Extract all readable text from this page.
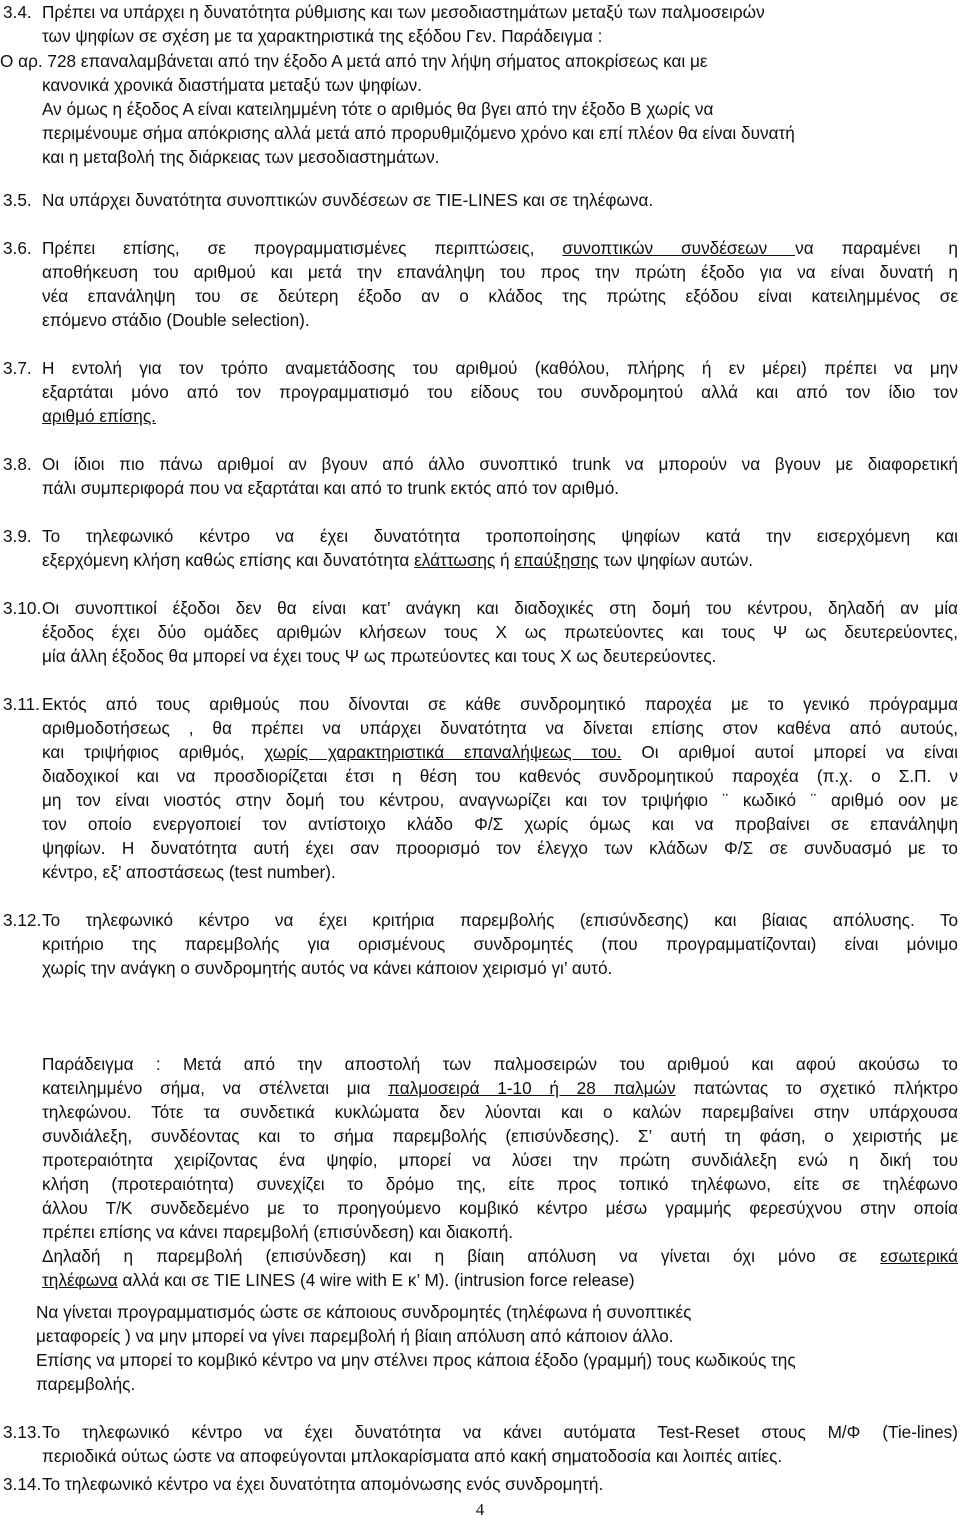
3.4. Πρέπει να υπάρχει η δυνατότητα ρύθμισης και των μεσοδιαστημάτων μεταξύ των παλμοσειρών
των ψηφίων σε σχέση με τα χαρακτηριστικά της εξόδου Γεν. Παράδειγμα :
Ο αρ. 728 επαναλαμβάνεται από την έξοδο Α μετά από την λήψη σήματος αποκρίσεως και με
κανονικά χρονικά διαστήματα μεταξύ των ψηφίων.
Αν όμως η έξοδος Α είναι κατειλημμένη τότε ο αριθμός θα βγει από την έξοδο Β χωρίς να
περιμένουμε σήμα απόκρισης αλλά μετά από προρυθμιζόμενο χρόνο και επί πλέον θα είναι δυνατή
και η μεταβολή της διάρκειας των μεσοδιαστημάτων.
3.5. Να υπάρχει δυνατότητα συνοπτικών συνδέσεων σε TIE-LINES και σε τηλέφωνα.
3.6. Πρέπει επίσης, σε προγραμματισμένες περιπτώσεις, συνοπτικών συνδέσεων να παραμένει η
αποθήκευση του αριθμού και μετά την επανάληψη του προς την πρώτη έξοδο για να είναι δυνατή η
νέα επανάληψη του σε δεύτερη έξοδο αν ο κλάδος της πρώτης εξόδου είναι κατειλημμένος σε
επόμενο στάδιο (Double selection).
3.7. Η εντολή για τον τρόπο αναμετάδοσης του αριθμού (καθόλου, πλήρης ή εν μέρει) πρέπει να μην
εξαρτάται μόνο από τον προγραμματισμό του είδους του συνδρομητού αλλά και από τον ίδιο τον
αριθμό επίσης.
3.8. Οι ίδιοι πιο πάνω αριθμοί αν βγουν από άλλο συνοπτικό trunk να μπορούν να βγουν με διαφορετική
πάλι συμπεριφορά που να εξαρτάται και από το trunk εκτός από τον αριθμό.
3.9. Το τηλεφωνικό κέντρο να έχει δυνατότητα τροποποίησης ψηφίων κατά την εισερχόμενη και
εξερχόμενη κλήση καθώς επίσης και δυνατότητα ελάττωσης ή επαύξησης των ψηφίων αυτών.
3.10. Οι συνοπτικοί έξοδοι δεν θα είναι κατ’ ανάγκη και διαδοχικές στη δομή του κέντρου, δηλαδή αν μία
έξοδος έχει δύο ομάδες αριθμών κλήσεων τους Χ ως πρωτεύοντες και τους Ψ ως δευτερεύοντες,
μία άλλη έξοδος θα μπορεί να έχει τους Ψ ως πρωτεύοντες και τους Χ ως δευτερεύοντες.
3.11. Εκτός από τους αριθμούς που δίνονται σε κάθε συνδρομητικό παροχέα με το γενικό πρόγραμμα
αριθμοδοτήσεως , θα πρέπει να υπάρχει δυνατότητα να δίνεται επίσης στον καθένα από αυτούς,
και τριψήφιος αριθμός, χωρίς χαρακτηριστικά επαναλήψεως του. Οι αριθμοί αυτοί μπορεί να είναι
διαδοχικοί και να προσδιορίζεται έτσι η θέση του καθενός συνδρομητικού παροχέα (π.χ. ο Σ.Π. ν
μη τον είναι νιοστός στην δομή του κέντρου, αναγνωρίζει και τον τριψήφιο ¨ κωδικό ¨ αριθμό οον με
τον οποίο ενεργοποιεί τον αντίστοιχο κλάδο Φ/Σ χωρίς όμως και να προβαίνει σε επανάληψη
ψηφίων. Η δυνατότητα αυτή έχει σαν προορισμό τον έλεγχο των κλάδων Φ/Σ σε συνδυασμό με το
κέντρο, εξ’ αποστάσεως (test number).
3.12. Το τηλεφωνικό κέντρο να έχει κριτήρια παρεμβολής (επισύνδεσης) και βίαιας απόλυσης. Το
κριτήριο της παρεμβολής για ορισμένους συνδρομητές (που προγραμματίζονται) είναι μόνιμο
χωρίς την ανάγκη ο συνδρομητής αυτός να κάνει κάποιον χειρισμό γι’ αυτό.
Παράδειγμα : Μετά από την αποστολή των παλμοσειρών του αριθμού και αφού ακούσω το
κατειλημμένο σήμα, να στέλνεται μια παλμοσειρά 1-10 ή 28 παλμών πατώντας το σχετικό πλήκτρο
τηλεφώνου. Τότε τα συνδετικά κυκλώματα δεν λύονται και ο καλών παρεμβαίνει στην υπάρχουσα
συνδιάλεξη, συνδέοντας και το σήμα παρεμβολής (επισύνδεσης). Σ’ αυτή τη φάση, ο χειριστής με
προτεραιότητα χειρίζοντας ένα ψηφίο, μπορεί να λύσει την πρώτη συνδιάλεξη ενώ η δική του
κλήση (προτεραιότητα) συνεχίζει το δρόμο της, είτε προς τοπικό τηλέφωνο, είτε σε τηλέφωνο
άλλου Τ/Κ συνδεδεμένο με το προηγούμενο κομβικό κέντρο μέσω γραμμής φερεσύχνου στην οποία
πρέπει επίσης να κάνει παρεμβολή (επισύνδεση) και διακοπή.
Δηλαδή η παρεμβολή (επισύνδεση) και η βίαιη απόλυση να γίνεται όχι μόνο σε εσωτερικά
τηλέφωνα αλλά και σε TIE LINES (4 wire with E κ’ M). (intrusion force release)
Να γίνεται προγραμματισμός ώστε σε κάποιους συνδρομητές (τηλέφωνα ή συνοπτικές
μεταφορείς ) να μην μπορεί να γίνει παρεμβολή ή βίαιη απόλυση από κάποιον άλλο.
Επίσης να μπορεί το κομβικό κέντρο να μην στέλνει προς κάποια έξοδο (γραμμή) τους κωδικούς της
παρεμβολής.
3.13. Το τηλεφωνικό κέντρο να έχει δυνατότητα να κάνει αυτόματα Test-Reset στους Μ/Φ (Tie-lines)
περιοδικά ούτως ώστε να αποφεύγονται μπλοκαρίσματα από κακή σηματοδοσία και λοιπές αιτίες.
3.14. Το τηλεφωνικό κέντρο να έχει δυνατότητα απομόνωσης ενός συνδρομητή.
4
